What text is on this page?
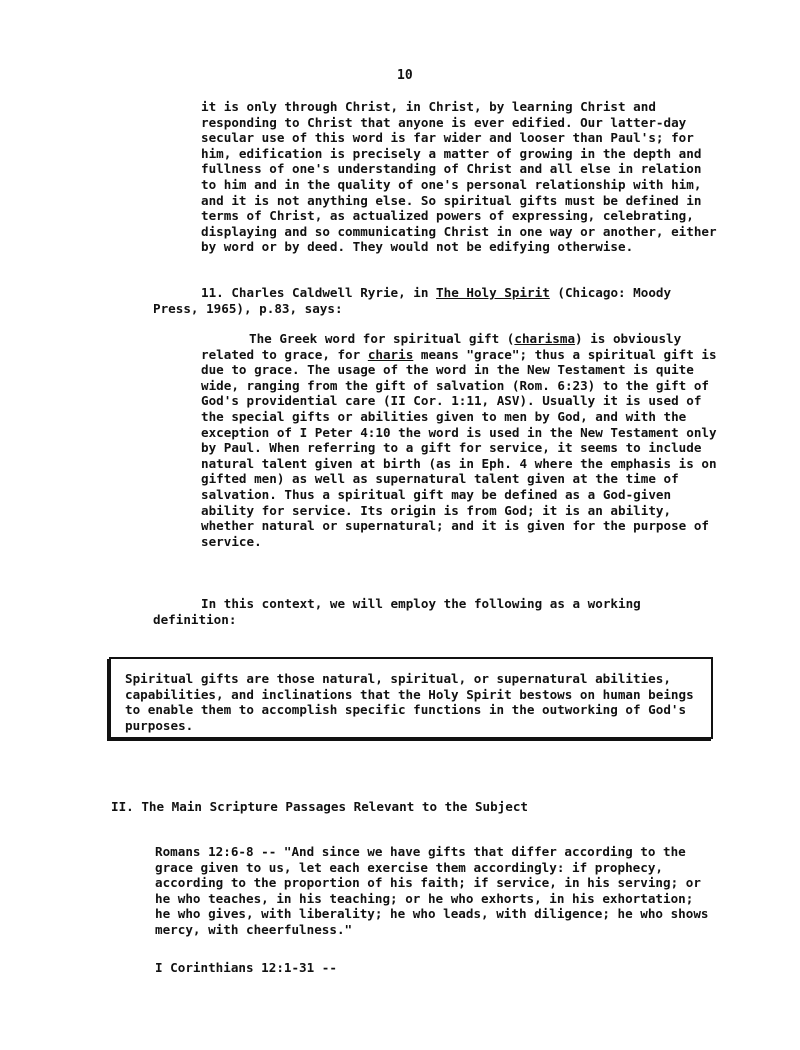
10
it is only through Christ, in Christ, by learning Christ and responding to Christ that anyone is ever edified. Our latter-day secular use of this word is far wider and looser than Paul's; for him, edification is precisely a matter of growing in the depth and fullness of one's understanding of Christ and all else in relation to him and in the quality of one's personal relationship with him, and it is not anything else. So spiritual gifts must be defined in terms of Christ, as actualized powers of expressing, celebrating, displaying and so communicating Christ in one way or another, either by word or by deed. They would not be edifying otherwise.
11. Charles Caldwell Ryrie, in The Holy Spirit (Chicago: Moody Press, 1965), p.83, says:
The Greek word for spiritual gift (charisma) is obviously related to grace, for charis means "grace"; thus a spiritual gift is due to grace. The usage of the word in the New Testament is quite wide, ranging from the gift of salvation (Rom. 6:23) to the gift of God's providential care (II Cor. 1:11, ASV). Usually it is used of the special gifts or abilities given to men by God, and with the exception of I Peter 4:10 the word is used in the New Testament only by Paul. When referring to a gift for service, it seems to include natural talent given at birth (as in Eph. 4 where the emphasis is on gifted men) as well as supernatural talent given at the time of salvation. Thus a spiritual gift may be defined as a God-given ability for service. Its origin is from God; it is an ability, whether natural or supernatural; and it is given for the purpose of service.
In this context, we will employ the following as a working definition:
Spiritual gifts are those natural, spiritual, or supernatural abilities, capabilities, and inclinations that the Holy Spirit bestows on human beings to enable them to accomplish specific functions in the outworking of God's purposes.
II. The Main Scripture Passages Relevant to the Subject
Romans 12:6-8 -- "And since we have gifts that differ according to the grace given to us, let each exercise them accordingly: if prophecy, according to the proportion of his faith; if service, in his serving; or he who teaches, in his teaching; or he who exhorts, in his exhortation; he who gives, with liberality; he who leads, with diligence; he who shows mercy, with cheerfulness."
I Corinthians 12:1-31 --
